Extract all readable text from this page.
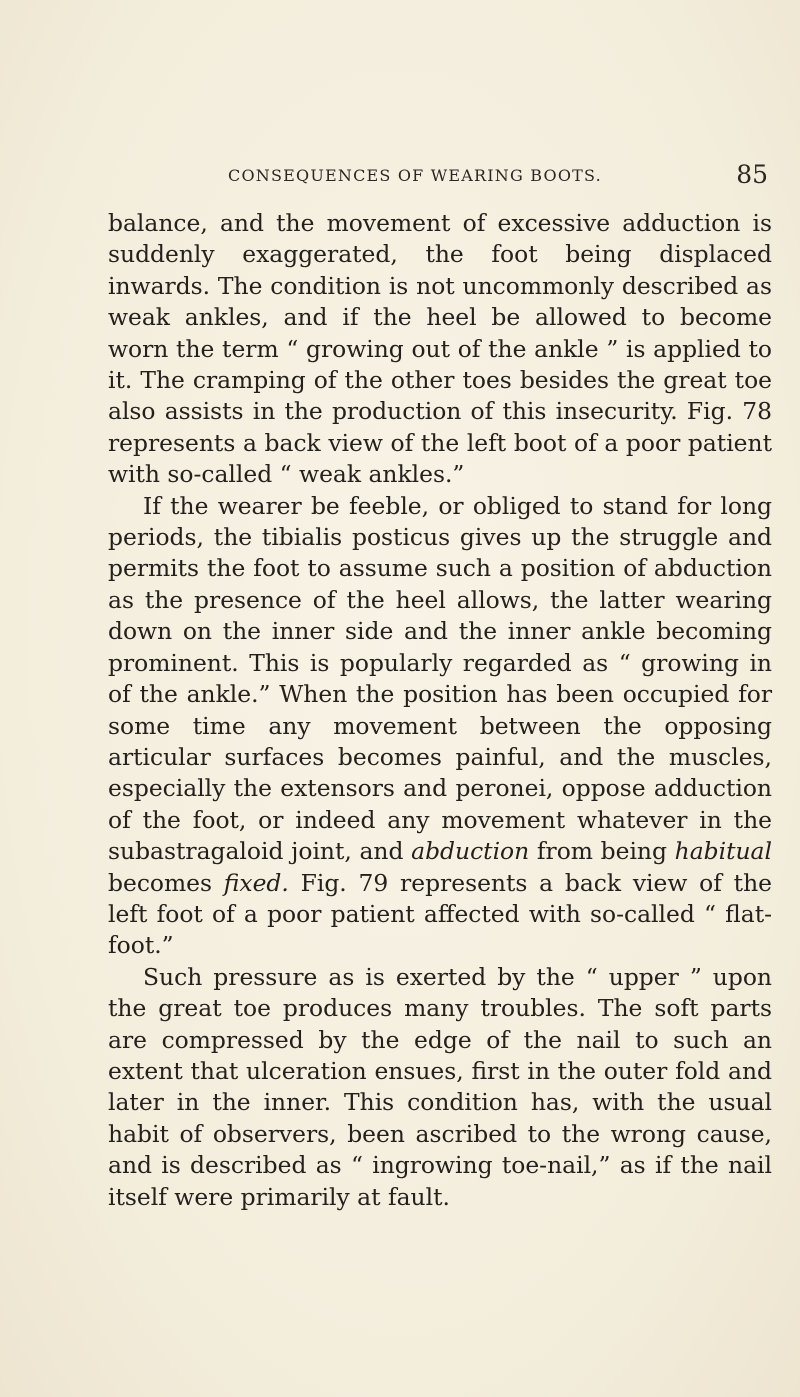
CONSEQUENCES OF WEARING BOOTS.	85

balance, and the movement of excessive adduction is suddenly exaggerated, the foot being displaced inwards. The condition is not uncommonly described as weak ankles, and if the heel be allowed to become worn the term “ growing out of the ankle ” is applied to it. The cramping of the other toes besides the great toe also assists in the production of this insecurity. Fig. 78 represents a back view of the left boot of a poor patient with so-called “ weak ankles.”

If the wearer be feeble, or obliged to stand for long periods, the tibialis posticus gives up the struggle and permits the foot to assume such a position of abduction as the presence of the heel allows, the latter wearing down on the inner side and the inner ankle becoming prominent. This is popularly regarded as “ growing in of the ankle.” When the position has been occupied for some time any movement between the opposing articular surfaces becomes painful, and the muscles, especially the extensors and peronei, oppose adduction of the foot, or indeed any movement whatever in the subastragaloid joint, and abduction from being habitual becomes fixed. Fig. 79 represents a back view of the left foot of a poor patient affected with so-called “ flat-foot.”

Such pressure as is exerted by the “ upper ” upon the great toe produces many troubles. The soft parts are compressed by the edge of the nail to such an extent that ulceration ensues, first in the outer fold and later in the inner. This condition has, with the usual habit of observers, been ascribed to the wrong cause, and is described as “ ingrowing toe-nail,” as if the nail itself were primarily at fault.
